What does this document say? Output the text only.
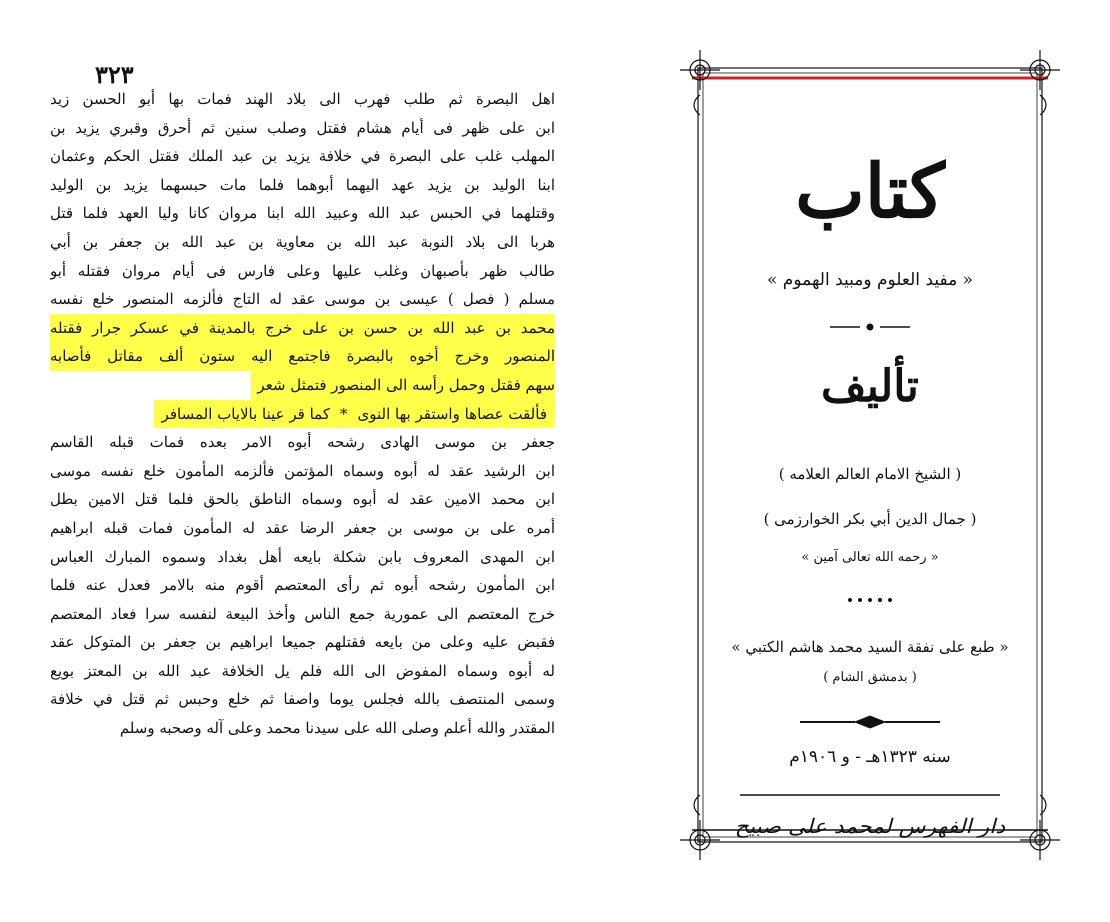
٣٢٣
اهل البصرة ثم طلب فهرب الى بلاد الهند فمات بها أبو الحسن زيد
ابن على ظهر فى أيام هشام فقتل وصلب سنين ثم أحرق وقبري يزيد بن
المهلب غلب على البصرة في خلافة يزيد بن عبد الملك فقتل الحكم وعثمان
ابنا الوليد بن يزيد عهد اليهما أبوهما فلما مات حبسهما يزيد بن الوليد
وقتلهما في الحبس عبد الله وعبيد الله ابنا مروان كانا وليا العهد فلما قتل
هربا الى بلاد النوبة عبد الله بن معاوية بن عبد الله بن جعفر بن أبي
طالب ظهر بأصبهان وغلب عليها وعلى فارس فى أيام مروان فقتله أبو
مسلم ( فصل ) عيسى بن موسى عقد له التاج فألزمه المنصور خلع نفسه
محمد بن عبد الله بن حسن بن على خرج بالمدينة في عسكر جرار فقتله
المنصور وخرج أخوه بالبصرة فاجتمع اليه ستون ألف مقاتل فأصابه
سهم فقتل وحمل رأسه الى المنصور فتمثل شعر
فألقت عصاها واستقر بها النوى*كما قر عينا بالاياب المسافر
جعفر بن موسى الهادى رشحه أبوه الامر بعده فمات قبله القاسم
ابن الرشيد عقد له أبوه وسماه المؤتمن فألزمه المأمون خلع نفسه موسى
ابن محمد الامين عقد له أبوه وسماه الناطق بالحق فلما قتل الامين بطل
أمره على بن موسى بن جعفر الرضا عقد له المأمون فمات قبله ابراهيم
ابن المهدى المعروف بابن شكلة بايعه أهل بغداد وسموه المبارك العباس
ابن المأمون رشحه أبوه ثم رأى المعتصم أقوم منه بالامر فعدل عنه فلما
خرج المعتصم الى عمورية جمع الناس وأخذ البيعة لنفسه سرا فعاد المعتصم
فقبض عليه وعلى من بايعه فقتلهم جميعا ابراهيم بن جعفر بن المتوكل عقد
له أبوه وسماه المفوض الى الله فلم يل الخلافة عبد الله بن المعتز بويع
وسمى المنتصف بالله فجلس يوما واصفا ثم خلع وحبس ثم قتل في خلافة
المقتدر والله أعلم وصلى الله على سيدنا محمد وعلى آله وصحبه وسلم
كتاب
« مفيد العلوم ومبيد الهموم »
تأليف
( الشيخ الامام العالم العلامه )
( جمال الدين أبي بكر الخوارزمى )
« رحمه الله تعالى آمين »
« طبع على نفقة السيد محمد هاشم الكتبي »
( بدمشق الشام )
سنه ١٣٢٣هـ - و ١٩٠٦م
دار الفهرس لمحمد على صبيح
